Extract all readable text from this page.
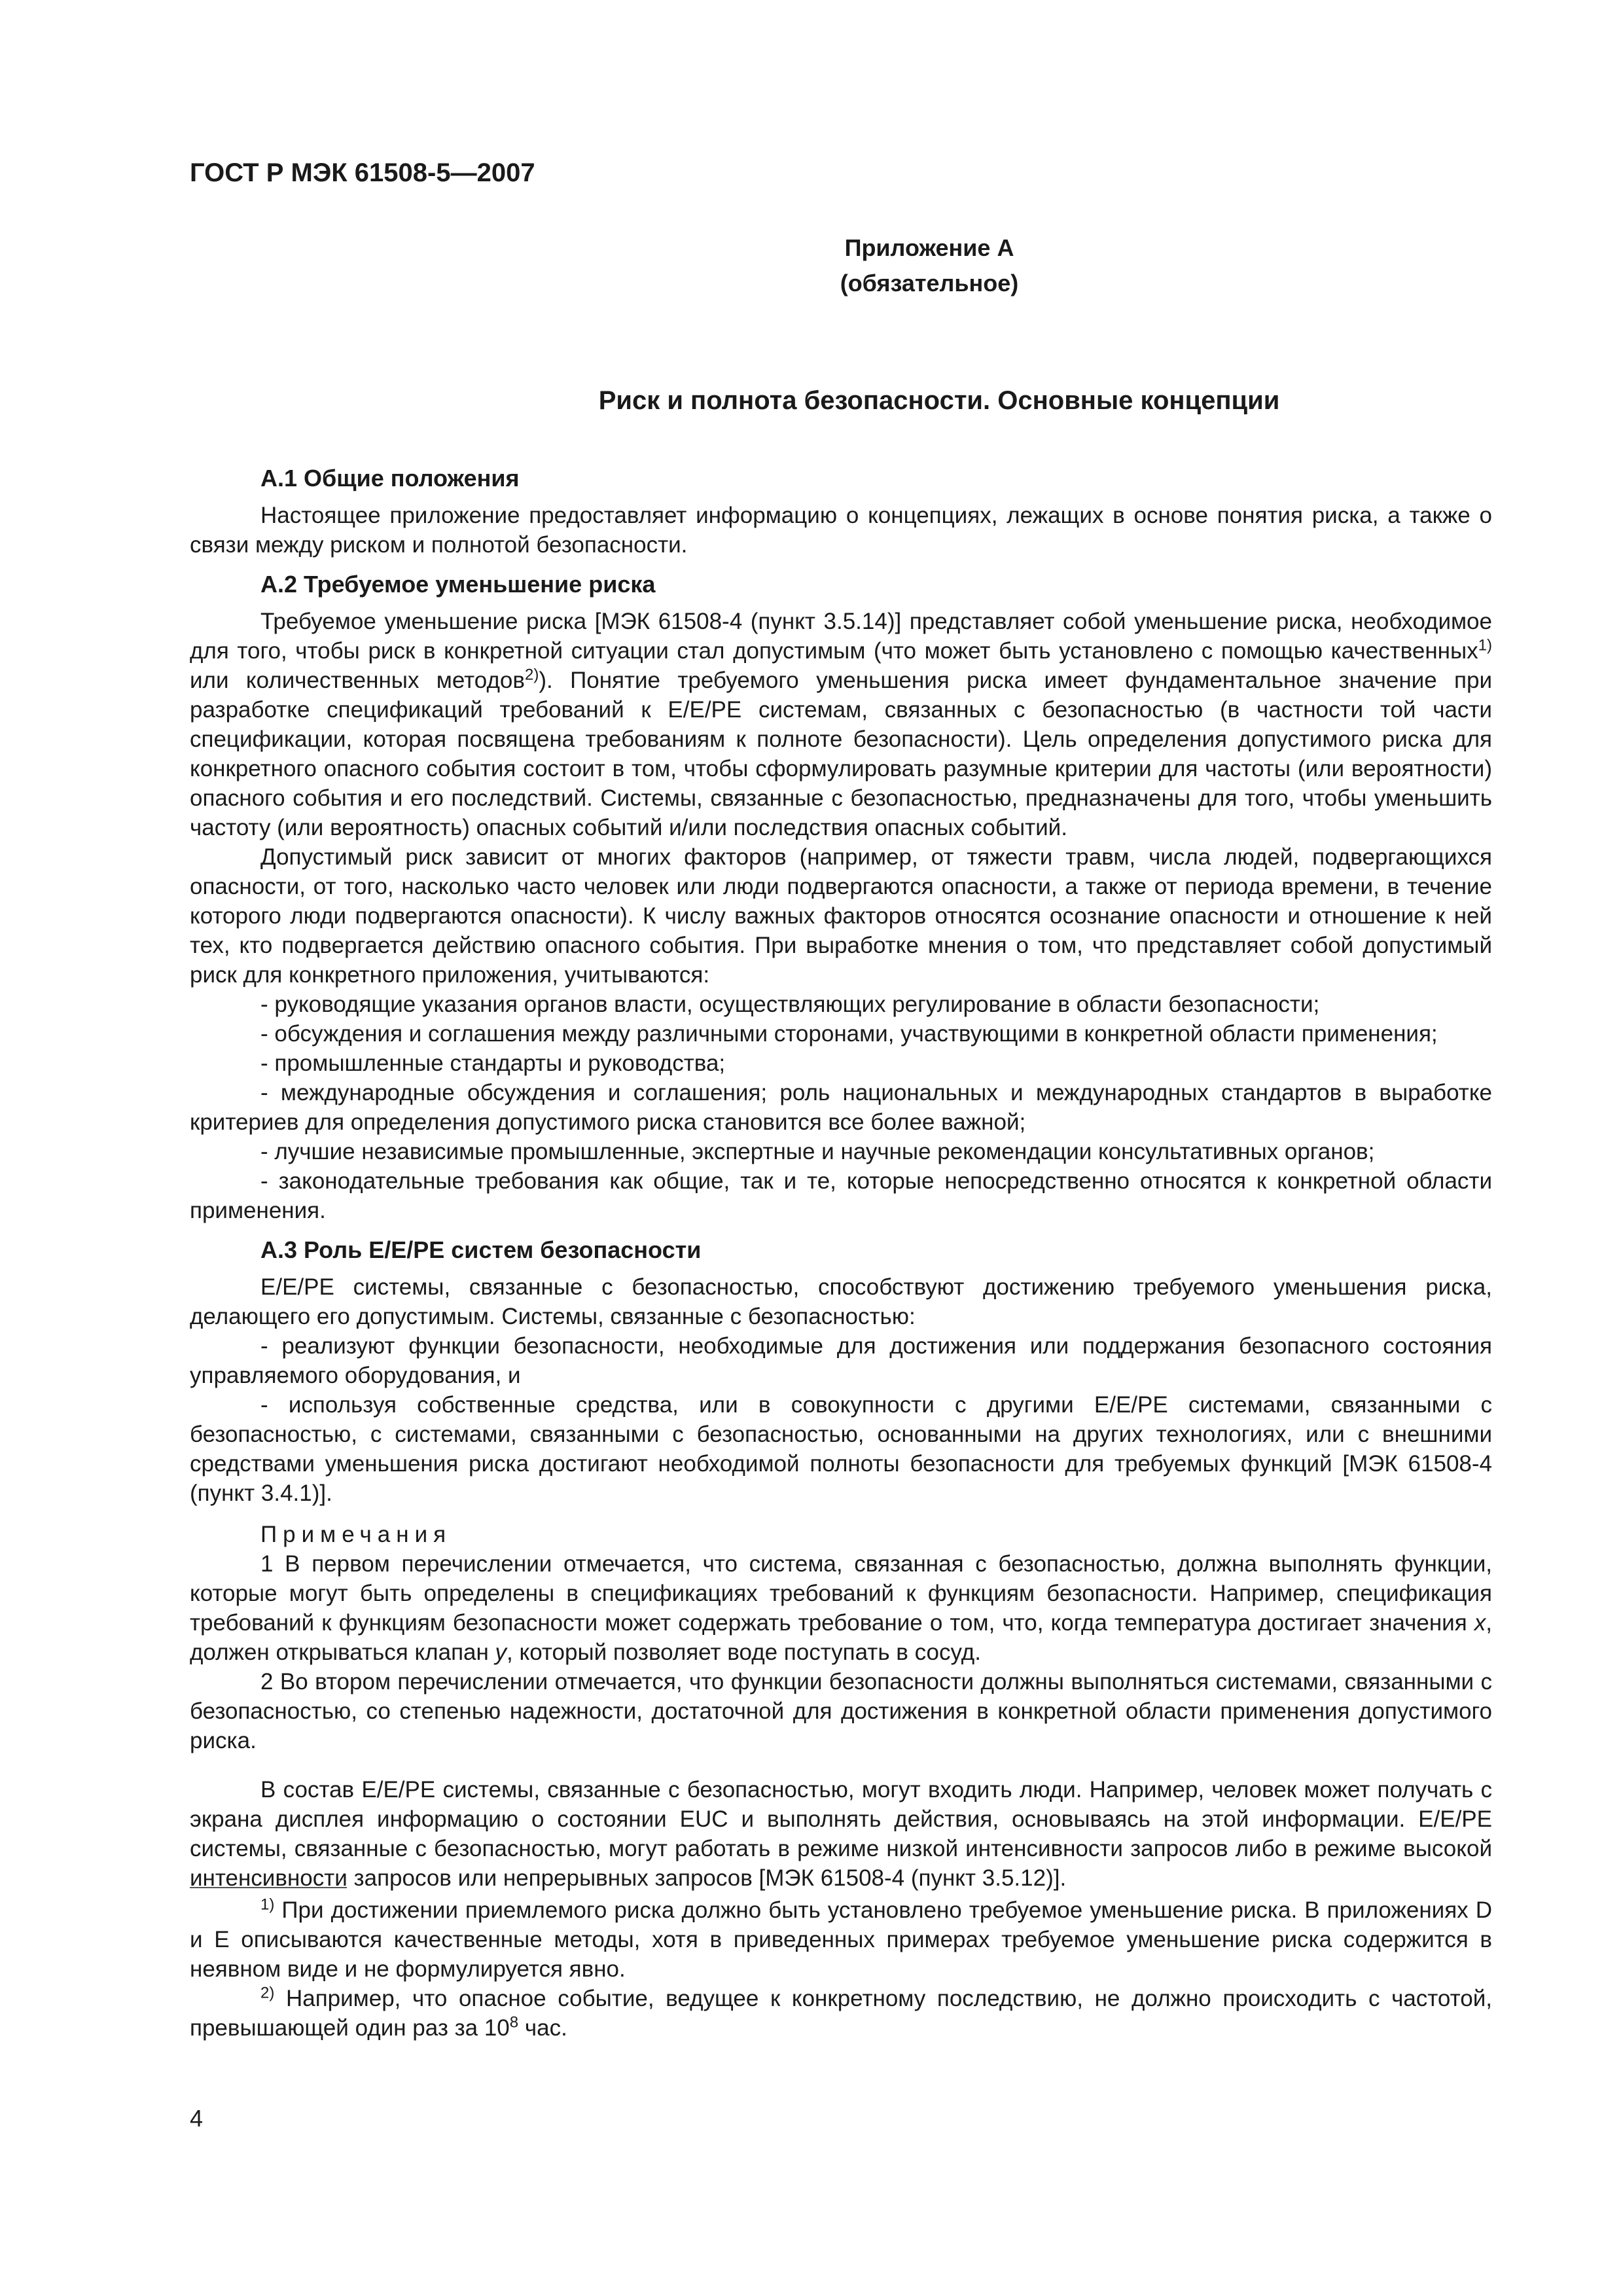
ГОСТ Р МЭК 61508-5—2007
Приложение А
(обязательное)
Риск и полнота безопасности. Основные концепции

А.1 Общие положения

Настоящее приложение предоставляет информацию о концепциях, лежащих в основе понятия риска, а также о связи между риском и полнотой безопасности.

А.2 Требуемое уменьшение риска

Требуемое уменьшение риска [МЭК 61508-4 (пункт 3.5.14)] представляет собой уменьшение риска, необходимое для того, чтобы риск в конкретной ситуации стал допустимым (что может быть установлено с помощью качественных$^{1)}$ или количественных методов$^{2)}$). Понятие требуемого уменьшения риска имеет фундаментальное значение при разработке спецификаций требований к Е/Е/РЕ системам, связанных с безопасностью (в частности той части спецификации, которая посвящена требованиям к полноте безопасности). Цель определения допустимого риска для конкретного опасного события состоит в том, чтобы сформулировать разумные критерии для частоты (или вероятности) опасного события и его последствий. Системы, связанные с безопасностью, предназначены для того, чтобы уменьшить частоту (или вероятность) опасных событий и/или последствия опасных событий.

Допустимый риск зависит от многих факторов (например, от тяжести травм, числа людей, подвергающихся опасности, от того, насколько часто человек или люди подвергаются опасности, а также от периода времени, в течение которого люди подвергаются опасности). К числу важных факторов относятся осознание опасности и отношение к ней тех, кто подвергается действию опасного события. При выработке мнения о том, что представляет собой допустимый риск для конкретного приложения, учитываются:

- руководящие указания органов власти, осуществляющих регулирование в области безопасности;

- обсуждения и соглашения между различными сторонами, участвующими в конкретной области применения;

- промышленные стандарты и руководства;

- международные обсуждения и соглашения; роль национальных и международных стандартов в выработке критериев для определения допустимого риска становится все более важной;

- лучшие независимые промышленные, экспертные и научные рекомендации консультативных органов;

- законодательные требования как общие, так и те, которые непосредственно относятся к конкретной области применения.

А.3 Роль Е/Е/РЕ систем безопасности

Е/Е/РЕ системы, связанные с безопасностью, способствуют достижению требуемого уменьшения риска, делающего его допустимым. Системы, связанные с безопасностью:

- реализуют функции безопасности, необходимые для достижения или поддержания безопасного состояния управляемого оборудования, и

- используя собственные средства, или в совокупности с другими Е/Е/РЕ системами, связанными с безопасностью, с системами, связанными с безопасностью, основанными на других технологиях, или с внешними средствами уменьшения риска достигают необходимой полноты безопасности для требуемых функций [МЭК 61508-4 (пункт 3.4.1)].

Примечания

1 В первом перечислении отмечается, что система, связанная с безопасностью, должна выполнять функции, которые могут быть определены в спецификациях требований к функциям безопасности. Например, спецификация требований к функциям безопасности может содержать требование о том, что, когда температура достигает значения x, должен открываться клапан y, который позволяет воде поступать в сосуд.

2 Во втором перечислении отмечается, что функции безопасности должны выполняться системами, связанными с безопасностью, со степенью надежности, достаточной для достижения в конкретной области применения допустимого риска.

В состав Е/Е/РЕ системы, связанные с безопасностью, могут входить люди. Например, человек может получать с экрана дисплея информацию о состоянии EUC и выполнять действия, основываясь на этой информации. Е/Е/РЕ системы, связанные с безопасностью, могут работать в режиме низкой интенсивности запросов либо в режиме высокой интенсивности запросов или непрерывных запросов [МЭК 61508-4 (пункт 3.5.12)].

$^{1)}$ При достижении приемлемого риска должно быть установлено требуемое уменьшение риска. В приложениях D и Е описываются качественные методы, хотя в приведенных примерах требуемое уменьшение риска содержится в неявном виде и не формулируется явно.

$^{2)}$ Например, что опасное событие, ведущее к конкретному последствию, не должно происходить с частотой, превышающей один раз за $10^8$ час.

4
